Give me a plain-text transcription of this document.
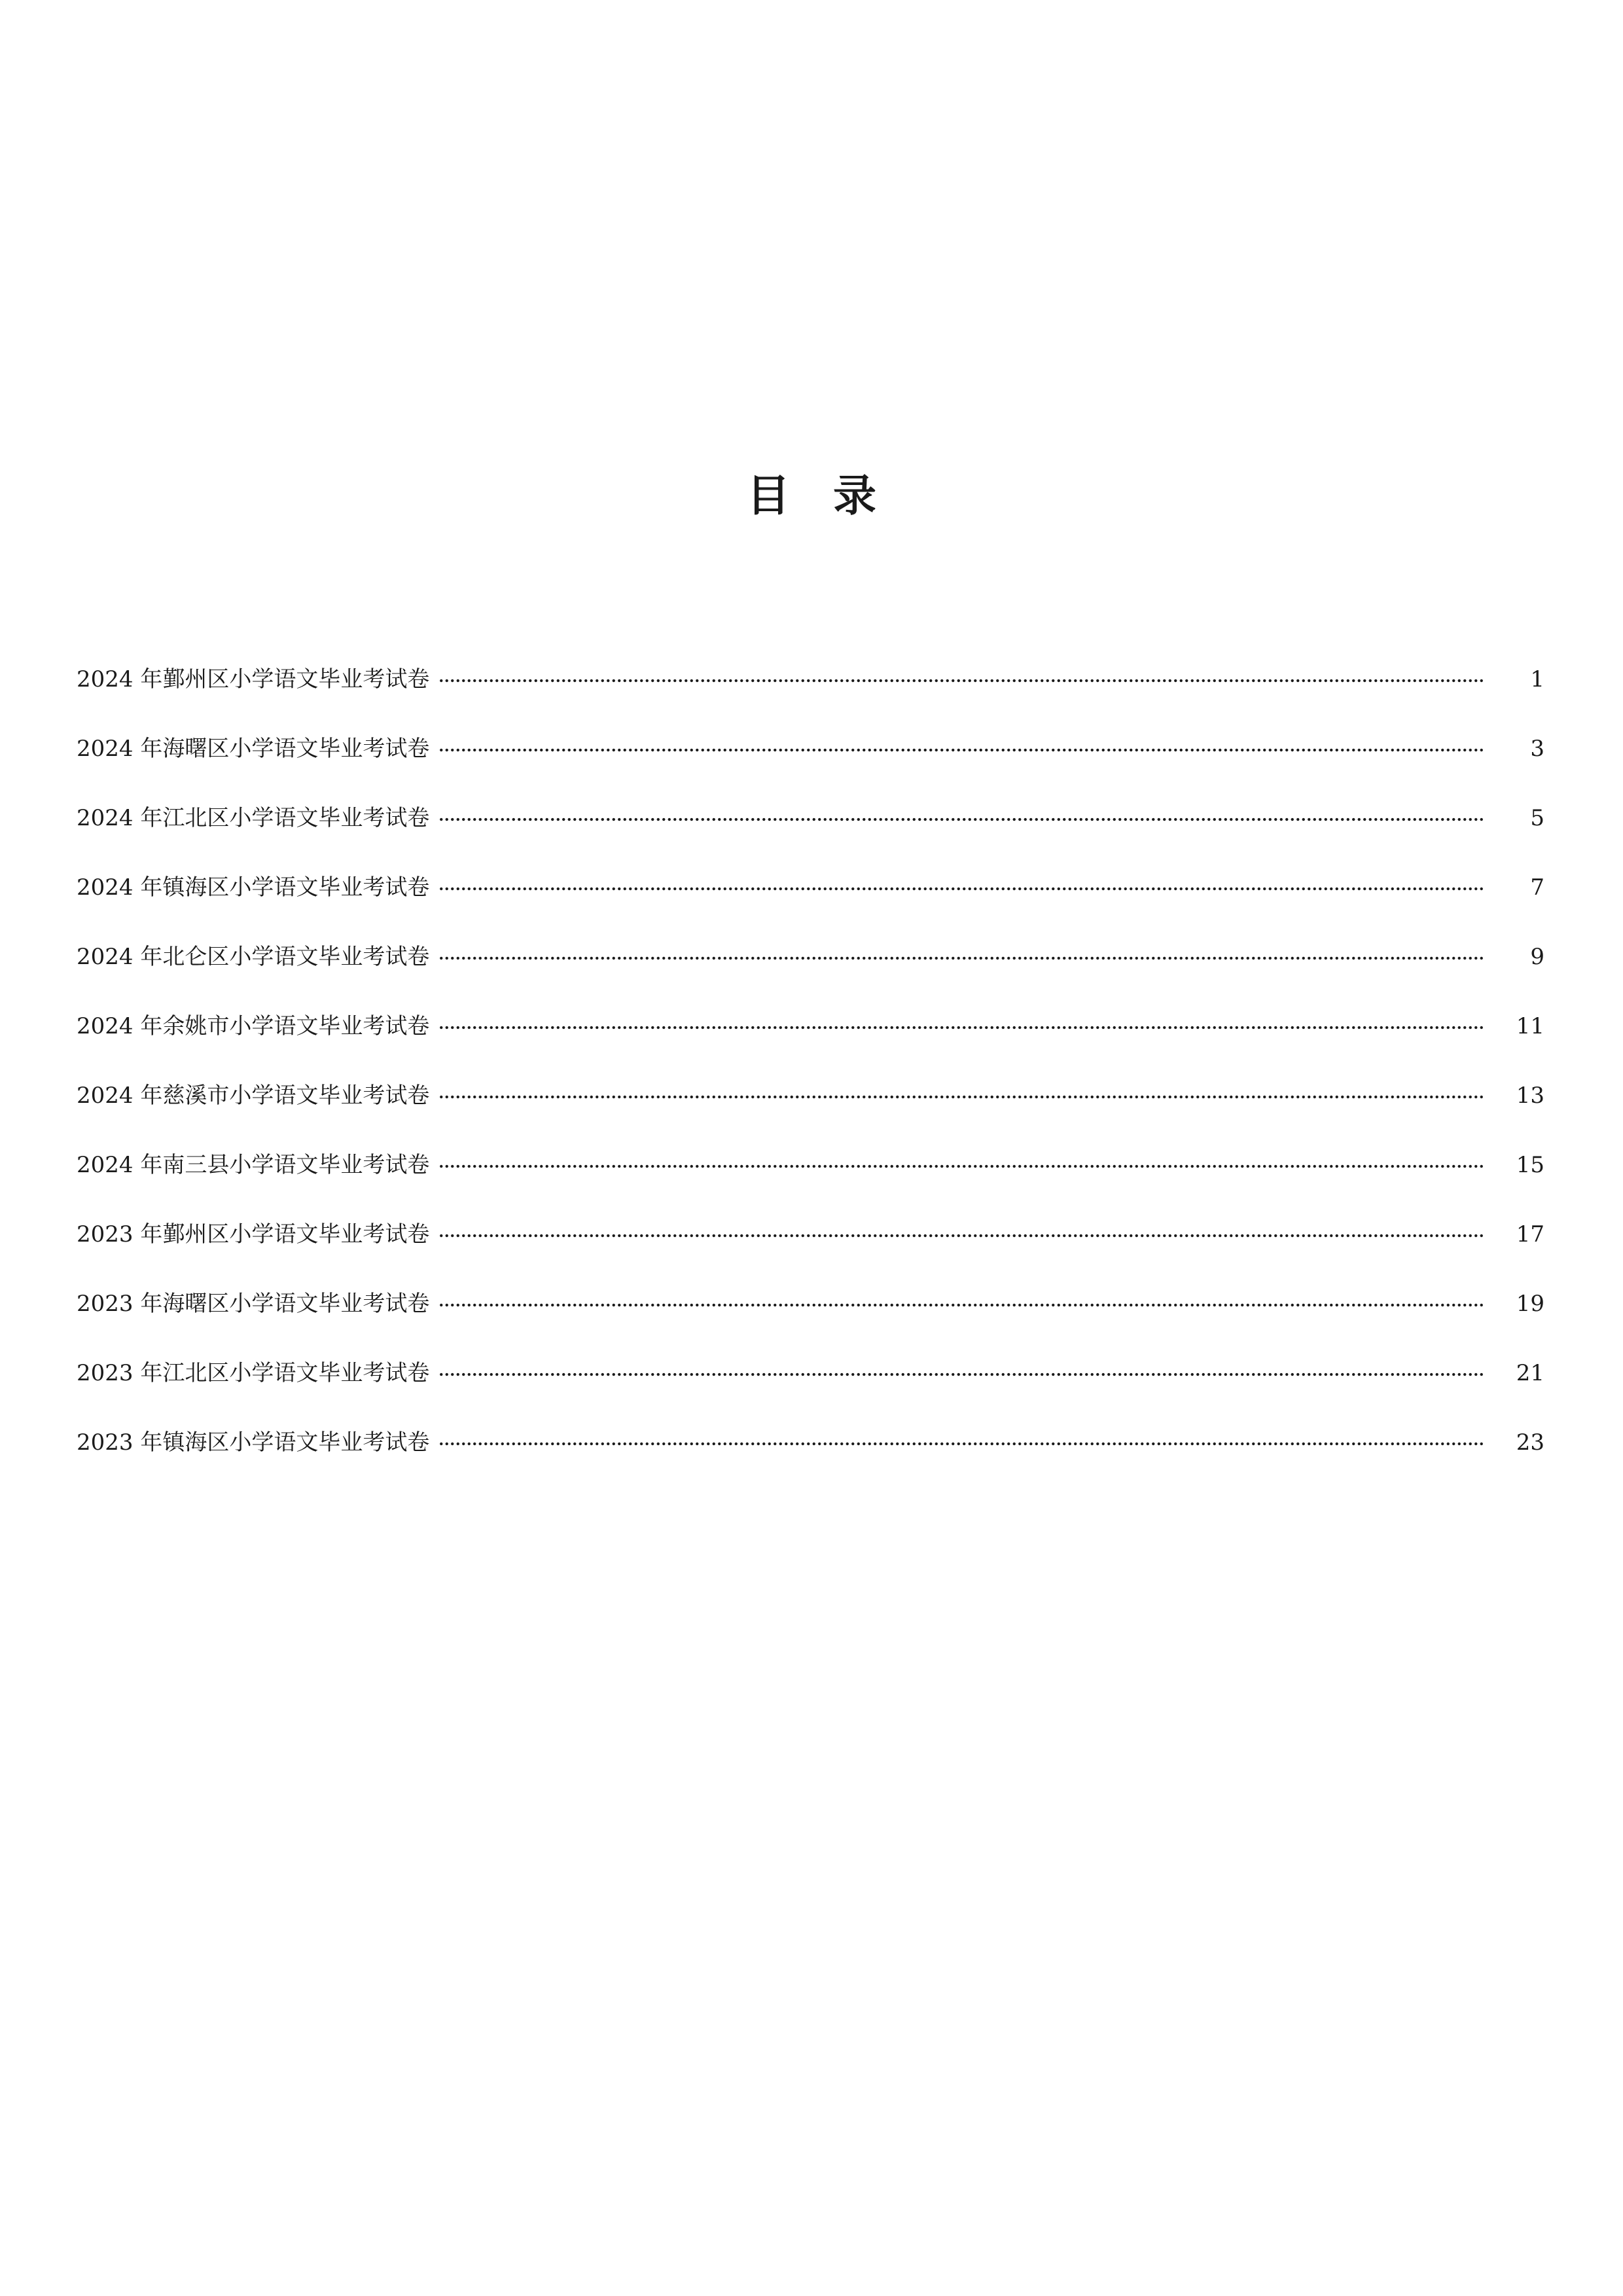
目 录
2024 年鄞州区小学语文毕业考试卷	1
2024 年海曙区小学语文毕业考试卷	3
2024 年江北区小学语文毕业考试卷	5
2024 年镇海区小学语文毕业考试卷	7
2024 年北仑区小学语文毕业考试卷	9
2024 年余姚市小学语文毕业考试卷	11
2024 年慈溪市小学语文毕业考试卷	13
2024 年南三县小学语文毕业考试卷	15
2023 年鄞州区小学语文毕业考试卷	17
2023 年海曙区小学语文毕业考试卷	19
2023 年江北区小学语文毕业考试卷	21
2023 年镇海区小学语文毕业考试卷	23
